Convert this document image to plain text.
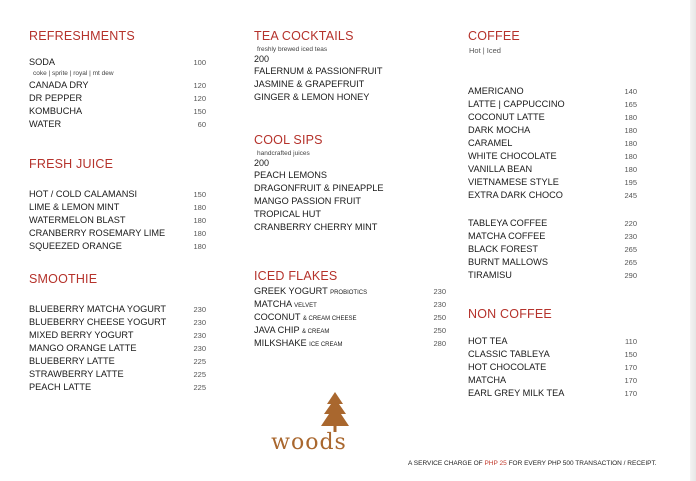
REFRESHMENTS
SODA	100
coke | sprite | royal | mt dew
CANADA DRY	120
DR PEPPER	120
KOMBUCHA	150
WATER	60
FRESH JUICE
HOT / COLD CALAMANSI	150
LIME & LEMON MINT	180
WATERMELON BLAST	180
CRANBERRY ROSEMARY LIME	180
SQUEEZED ORANGE	180
SMOOTHIE
BLUEBERRY MATCHA YOGURT	230
BLUEBERRY CHEESE YOGURT	230
MIXED BERRY YOGURT	230
MANGO ORANGE LATTE	230
BLUEBERRY LATTE	225
STRAWBERRY LATTE	225
PEACH LATTE	225
TEA COCKTAILS
freshly brewed iced teas
200
FALERNUM & PASSIONFRUIT
JASMINE & GRAPEFRUIT
GINGER & LEMON HONEY
COOL SIPS
handcrafted juices
200
PEACH LEMONS
DRAGONFRUIT & PINEAPPLE
MANGO PASSION FRUIT
TROPICAL HUT
CRANBERRY CHERRY MINT
ICED FLAKES
GREEK YOGURT PROBIOTICS	230
MATCHA VELVET	230
COCONUT & CREAM CHEESE	250
JAVA CHIP & CREAM	250
MILKSHAKE ICE CREAM	280
woods
COFFEE
Hot | Iced
AMERICANO	140
LATTE | CAPPUCCINO	165
COCONUT LATTE	180
DARK MOCHA	180
CARAMEL	180
WHITE CHOCOLATE	180
VANILLA BEAN	180
VIETNAMESE STYLE	195
EXTRA DARK CHOCO	245
TABLEYA COFFEE	220
MATCHA COFFEE	230
BLACK FOREST	265
BURNT MALLOWS	265
TIRAMISU	290
NON COFFEE
HOT TEA	110
CLASSIC TABLEYA	150
HOT CHOCOLATE	170
MATCHA	170
EARL GREY MILK TEA	170
A SERVICE CHARGE OF PHP 25 FOR EVERY PHP 500 TRANSACTION / RECEIPT.
